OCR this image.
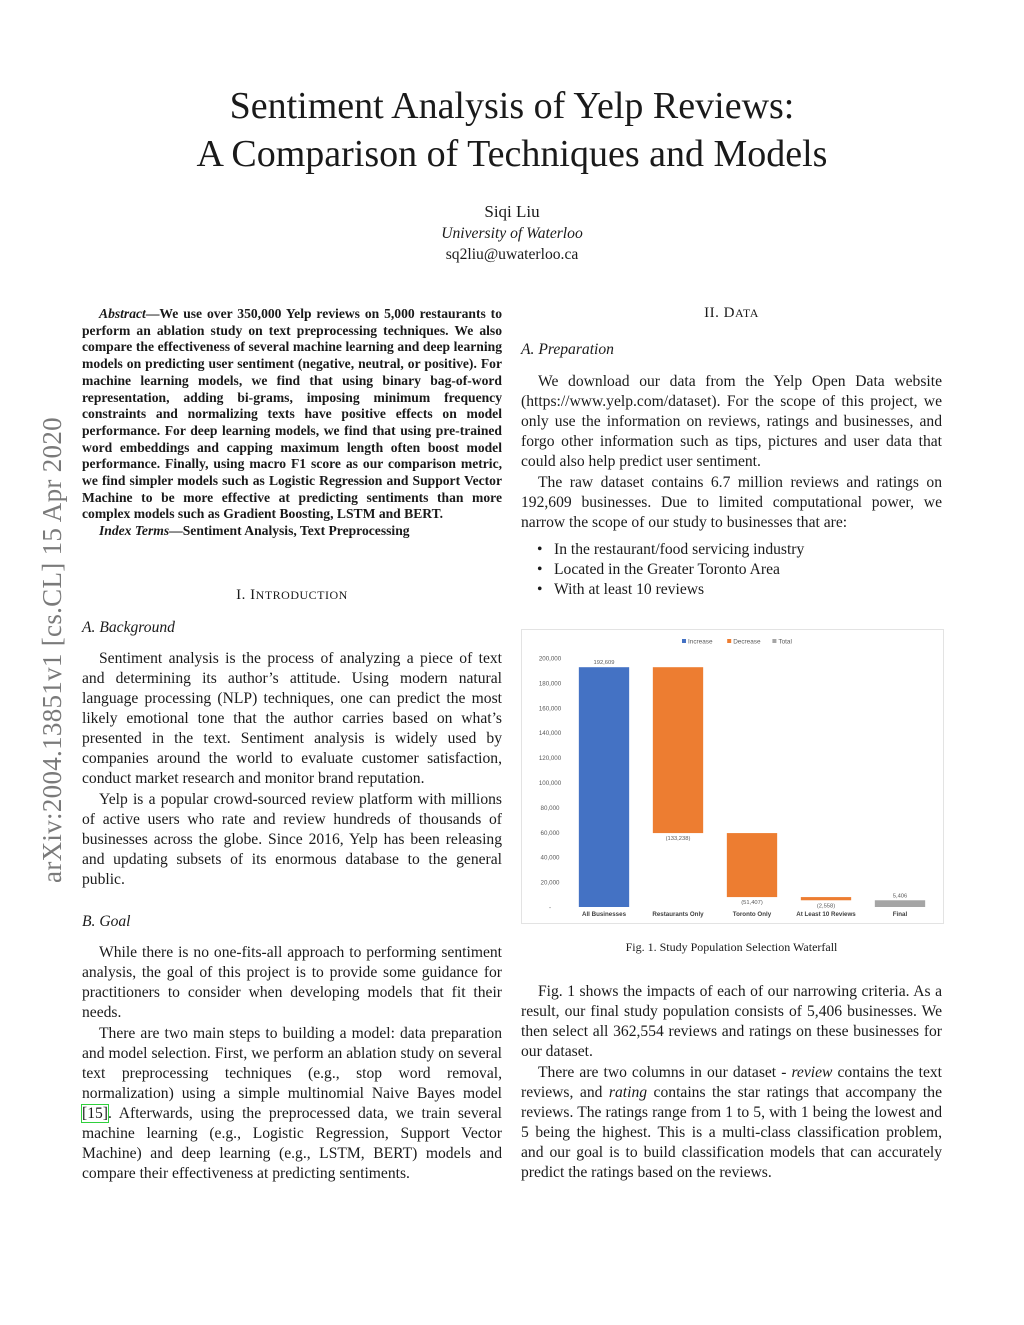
arXiv:2004.13851v1 [cs.CL] 15 Apr 2020
Sentiment Analysis of Yelp Reviews:
A Comparison of Techniques and Models
Siqi Liu
University of Waterloo
sq2liu@uwaterloo.ca
Abstract—We use over 350,000 Yelp reviews on 5,000 restaurants to perform an ablation study on text preprocessing techniques. We also compare the effectiveness of several machine learning and deep learning models on predicting user sentiment (negative, neutral, or positive). For machine learning models, we find that using binary bag-of-word representation, adding bi-grams, imposing minimum frequency constraints and normalizing texts have positive effects on model performance. For deep learning models, we find that using pre-trained word embeddings and capping maximum length often boost model performance. Finally, using macro F1 score as our comparison metric, we find simpler models such as Logistic Regression and Support Vector Machine to be more effective at predicting sentiments than more complex models such as Gradient Boosting, LSTM and BERT.
Index Terms—Sentiment Analysis, Text Preprocessing
I. INTRODUCTION
A. Background

Sentiment analysis is the process of analyzing a piece of text and determining its author’s attitude. Using modern natural language processing (NLP) techniques, one can predict the most likely emotional tone that the author carries based on what’s presented in the text. Sentiment analysis is widely used by companies around the world to evaluate customer satisfaction, conduct market research and monitor brand reputation.

Yelp is a popular crowd-sourced review platform with millions of active users who rate and review hundreds of thousands of businesses across the globe. Since 2016, Yelp has been releasing and updating subsets of its enormous database to the general public.

B. Goal

While there is no one-fits-all approach to performing sentiment analysis, the goal of this project is to provide some guidance for practitioners to consider when developing models that fit their needs.

There are two main steps to building a model: data preparation and model selection. First, we perform an ablation study on several text preprocessing techniques (e.g., stop word removal, normalization) using a simple multinomial Naive Bayes model [15]. Afterwards, using the preprocessed data, we train several machine learning (e.g., Logistic Regression, Support Vector Machine) and deep learning (e.g., LSTM, BERT) models and compare their effectiveness at predicting sentiments.

II. DATA
A. Preparation

We download our data from the Yelp Open Data website (https://www.yelp.com/dataset). For the scope of this project, we only use the information on reviews, ratings and businesses, and forgo other information such as tips, pictures and user data that could also help predict user sentiment.

The raw dataset contains 6.7 million reviews and ratings on 192,609 businesses. Due to limited computational power, we narrow the scope of our study to businesses that are:

• In the restaurant/food servicing industry
• Located in the Greater Toronto Area
• With at least 10 reviews
200,000
180,000
160,000
140,000
120,000
100,000
80,000
60,000
40,000
20,000
-
Increase	Decrease	Total
192,609
(133,238)
(51,407)
(2,558)
5,406
All Businesses	Restaurants Only	Toronto Only	At Least 10 Reviews	Final
Fig. 1. Study Population Selection Waterfall

Fig. 1 shows the impacts of each of our narrowing criteria. As a result, our final study population consists of 5,406 businesses. We then select all 362,554 reviews and ratings on these businesses for our dataset.

There are two columns in our dataset - review contains the text reviews, and rating contains the star ratings that accompany the reviews. The ratings range from 1 to 5, with 1 being the lowest and 5 being the highest. This is a multi-class classification problem, and our goal is to build classification models that can accurately predict the ratings based on the reviews.
